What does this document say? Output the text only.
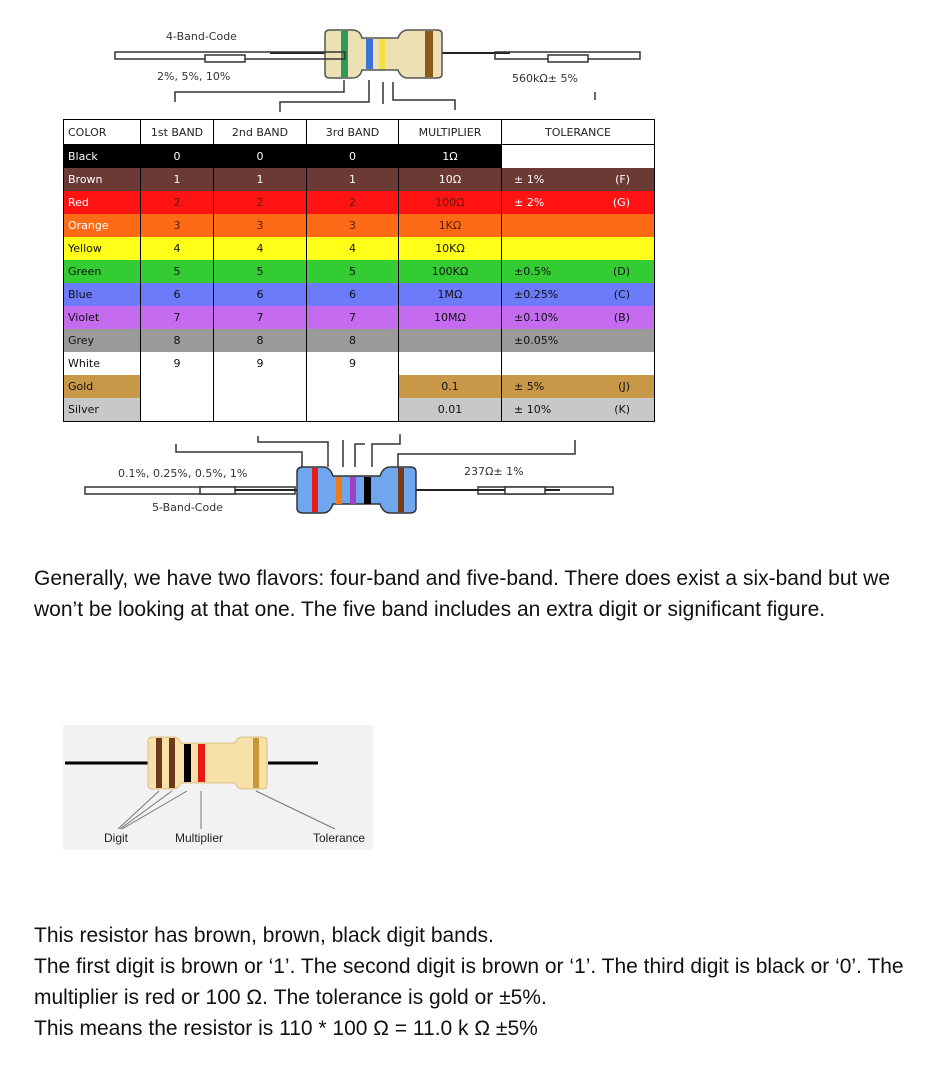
4-Band-Code
2%, 5%, 10%	560kΩ± 5%
COLOR	1st BAND	2nd BAND	3rd BAND	MULTIPLIER	TOLERANCE
Black	0	0	0	1Ω	

Brown	1	1	1	10Ω	± 1% (F)

Red	2	2	2	100Ω	± 2% (G)

Orange	3	3	3	1KΩ	

Yellow	4	4	4	10KΩ	

Green	5	5	5	100KΩ	±0.5% (D)

Blue	6	6	6	1MΩ	±0.25% (C)

Violet	7	7	7	10MΩ	±0.10% (B)

Grey	8	8	8		±0.05%

White	9	9	9		

Gold				0.1	± 5% (J)

Silver				0.01	± 10% (K)
0.1%, 0.25%, 0.5%, 1%	237Ω± 1%
5-Band-Code

Generally, we have two flavors: four-band and five-band. There does exist a six-band but we won’t be looking at that one. The five band includes an extra digit or significant figure.

Digit	Multiplier	Tolerance

This resistor has brown, brown, black digit bands.

The first digit is brown or ‘1’. The second digit is brown or ‘1’. The third digit is black or ‘0’. The multiplier is red or 100 Ω. The tolerance is gold or ±5%.

This means the resistor is 110 * 100 Ω = 11.0 k Ω ±5%
